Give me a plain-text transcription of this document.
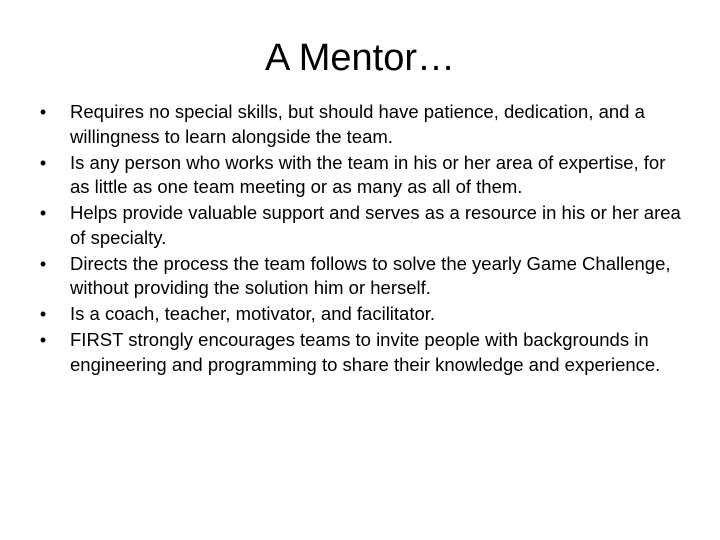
A Mentor…
• Requires no special skills, but should have patience, dedication, and a willingness to learn alongside the team.
• Is any person who works with the team in his or her area of expertise, for as little as one team meeting or as many as all of them.
• Helps provide valuable support and serves as a resource in his or her area of specialty.
• Directs the process the team follows to solve the yearly Game Challenge, without providing the solution him or herself.
• Is a coach, teacher, motivator, and facilitator.
• FIRST strongly encourages teams to invite people with backgrounds in engineering and programming to share their knowledge and experience.
